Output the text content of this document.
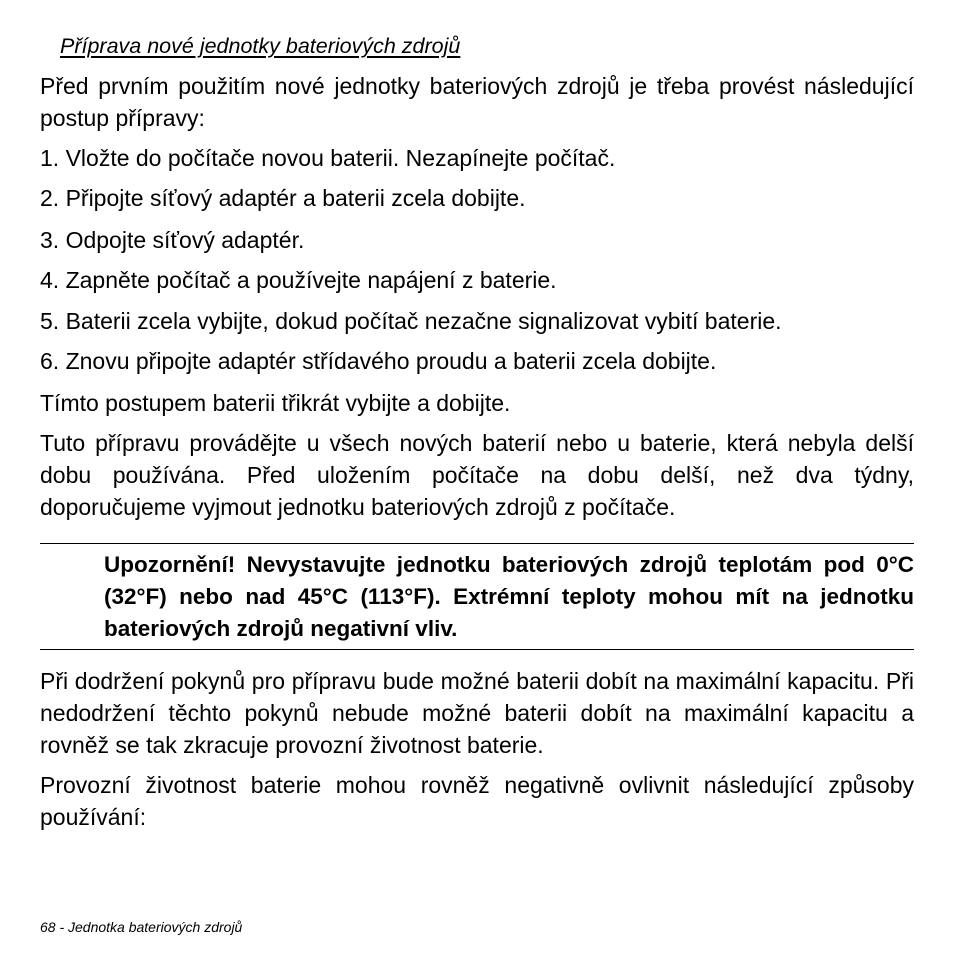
Příprava nové jednotky bateriových zdrojů

Před prvním použitím nové jednotky bateriových zdrojů je třeba provést následující postup přípravy:

1. Vložte do počítače novou baterii. Nezapínejte počítač.

2. Připojte síťový adaptér a baterii zcela dobijte.

3. Odpojte síťový adaptér.

4. Zapněte počítač a používejte napájení z baterie.

5. Baterii zcela vybijte, dokud počítač nezačne signalizovat vybití baterie.

6. Znovu připojte adaptér střídavého proudu a baterii zcela dobijte.

Tímto postupem baterii třikrát vybijte a dobijte.

Tuto přípravu provádějte u všech nových baterií nebo u baterie, která nebyla delší dobu používána. Před uložením počítače na dobu delší, než dva týdny, doporučujeme vyjmout jednotku bateriových zdrojů z počítače.

Upozornění! Nevystavujte jednotku bateriových zdrojů teplotám pod 0°C (32°F) nebo nad 45°C (113°F). Extrémní teploty mohou mít na jednotku bateriových zdrojů negativní vliv.

Při dodržení pokynů pro přípravu bude možné baterii dobít na maximální kapacitu. Při nedodržení těchto pokynů nebude možné baterii dobít na maximální kapacitu a rovněž se tak zkracuje provozní životnost baterie.

Provozní životnost baterie mohou rovněž negativně ovlivnit následující způsoby používání:

68 - Jednotka bateriových zdrojů
